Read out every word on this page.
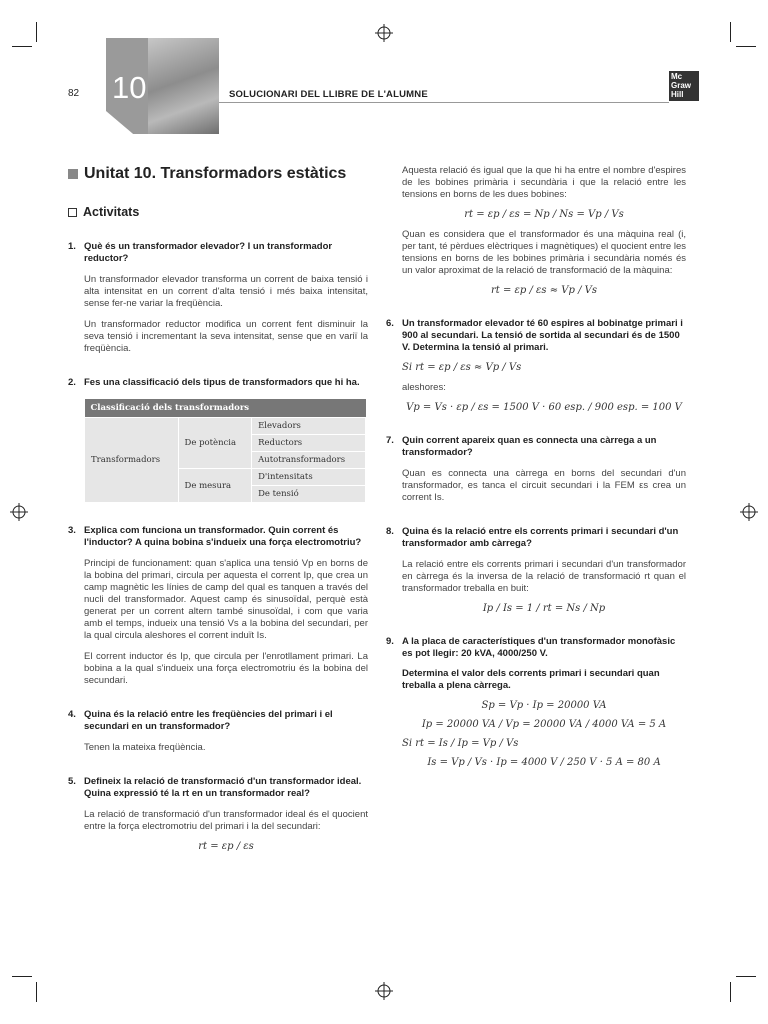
82 10	SOLUCIONARI DEL LLIBRE DE L'ALUMNE
Mc Graw Hill
Unitat 10. Transformadors estàtics
Activitats
1. Què és un transformador elevador? I un transformador reductor?
Un transformador elevador transforma un corrent de baixa tensió i alta intensitat en un corrent d'alta tensió i més baixa intensitat, sense fer-ne variar la freqüència.
Un transformador reductor modifica un corrent fent disminuir la seva tensió i incrementant la seva intensitat, sense que en variï la freqüència.
2. Fes una classificació dels tipus de transformadors que hi ha.
Classificació dels transformadors		
Transformadors	De potència	Elevadors
		Reductors
		Autotransformadors
	De mesura	D'intensitats
		De tensió
3. Explica com funciona un transformador. Quin corrent és l'inductor? A quina bobina s'indueix una força electromotriu?
Principi de funcionament: quan s'aplica una tensió Vp en borns de la bobina del primari, circula per aquesta el corrent Ip, que crea un camp magnètic les línies de camp del qual es tanquen a través del nucli del transformador. Aquest camp és sinusoïdal, perquè està generat per un corrent altern també sinusoïdal, i com que varia amb el temps, indueix una tensió Vs a la bobina del secundari, per la qual circula aleshores el corrent induït Is.
El corrent inductor és Ip, que circula per l'enrotllament primari. La bobina a la qual s'indueix una força electromotriu és la bobina del secundari.
4. Quina és la relació entre les freqüències del primari i el secundari en un transformador?
Tenen la mateixa freqüència.
5. Defineix la relació de transformació d'un transformador ideal. Quina expressió té la rt en un transformador real?
La relació de transformació d'un transformador ideal és el quocient entre la força electromotriu del primari i la del secundari:
rt = εp / εs
Aquesta relació és igual que la que hi ha entre el nombre d'espires de les bobines primària i secundària i que la relació entre les tensions en borns de les dues bobines:
rt = εp / εs = Np / Ns = Vp / Vs
Quan es considera que el transformador és una màquina real (i, per tant, té pèrdues elèctriques i magnètiques) el quocient entre les tensions en borns de les bobines primària i secundària només és un valor aproximat de la relació de transformació de la màquina:
rt = εp / εs ≈ Vp / Vs
6. Un transformador elevador té 60 espires al bobinatge primari i 900 al secundari. La tensió de sortida al secundari és de 1500 V. Determina la tensió al primari.
Si rt = εp / εs ≈ Vp / Vs
aleshores:
Vp = Vs · εp / εs = 1500 V · 60 esp. / 900 esp. = 100 V
7. Quin corrent apareix quan es connecta una càrrega a un transformador?
Quan es connecta una càrrega en borns del secundari d'un transformador, es tanca el circuit secundari i la FEM εs crea un corrent Is.
8. Quina és la relació entre els corrents primari i secundari d'un transformador amb càrrega?
La relació entre els corrents primari i secundari d'un transformador en càrrega és la inversa de la relació de transformació rt quan el transformador treballa en buit:
Ip / Is = 1 / rt = Ns / Np
9. A la placa de característiques d'un transformador monofàsic es pot llegir: 20 kVA, 4000/250 V.
Determina el valor dels corrents primari i secundari quan treballa a plena càrrega.
Sp = Vp · Ip = 20000 VA
Ip = 20000 VA / Vp = 20000 VA / 4000 VA = 5 A
Si rt = Is / Ip = Vp / Vs
Is = Vp / Vs · Ip = 4000 V / 250 V · 5 A = 80 A
